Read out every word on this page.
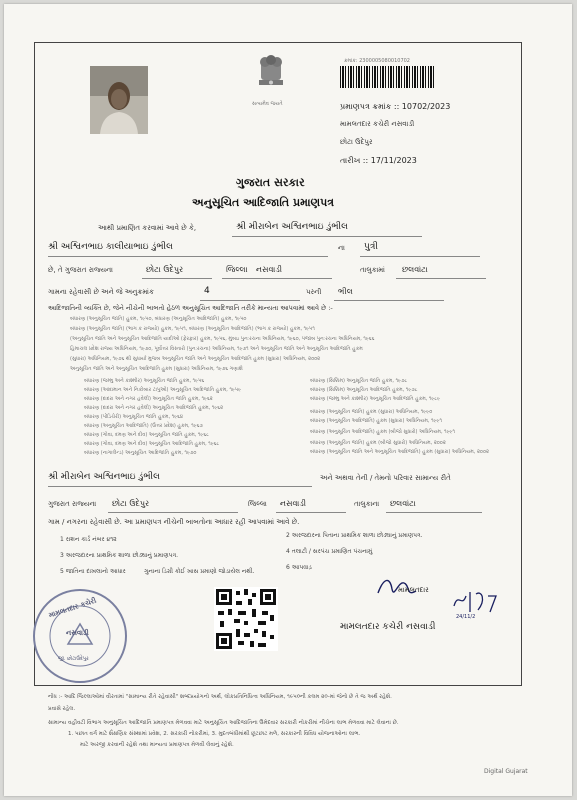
સત્યમેવ જયતે
ક્રમાંક: 2300005080010702
પ્રમાણપત્ર ક્રમાંક :: 10702/2023
મામલતદાર કચેરી નસવાડી
છોટા ઉદેપુર
તારીખ :: 17/11/2023
ગુજરાત સરકાર
અનુસૂચિત આદિજાતિ પ્રમાણપત્ર
આથી પ્રમાણિત કરવામાં આવે છે કે,	શ્રી મીરાબેન અશ્વિનભાઇ ડુંભીલ
શ્રી અશ્વિનભાઇ કાલીયાભાઇ ડુંભીલ	ના પુત્રી
છે, તે ગુજરાત રાજ્યના	છોટા ઉદેપુર	જિલ્લા નસવાડી	તાલુકામાં છલવાંટા
ગામના રહેવાસી છે અને જે અનુક્રમાંક	4	પરની ભીલ
આદિજાતિની વ્યક્તિ છે, જેને નીચેની બાબતો હેઠળ અનુસૂચિત આદિજાતિ તરીકે માન્યતા આપવામાં આવે છે :-
બંધારણ (અનુસૂચિત જાતિ) હુકમ, ૧૯૫૦, બંધારણ (અનુસૂચિત આદિજાતિ) હુકમ, ૧૯૫૦
બંધારણ (અનુસૂચિત જાતિ) (ભાગ ક રાજ્યો) હુકમ, ૧૯૫૧, બંધારણ (અનુસૂચિત આદિજાતિ) (ભાગ ક રાજ્યો) હુકમ, ૧૯૫૧
(અનુસૂચિત જાતિ અને અનુસૂચિત આદિજાતિ યાદીઓ (ફેરફાર) હુકમ, ૧૯૫૬, મુંબઇ પુનઃરચના અધિનિયમ, ૧૯૬૦, પંજાબ પુનઃરચના અધિનિયમ, ૧૯૬૬
હિમાચલ પ્રદેશ રાજ્ય અધિનિયમ, ૧૯૭૦, પૂર્વોત્તર વિસ્તારો (પુનઃરચના) અધિનિયમ, ૧૯૭૧ અને અનુસૂચિત જાતિ અને અનુસૂચિત આદિજાતિ હુકમ
(સુધારા) અધિનિયમ, ૧૯૭૬ થી સુધાર્યા મુજબ અનુસૂચિત જાતિ અને અનુસૂચિત આદિજાતિ હુકમ (સુધારા) અધિનિયમ, ૨૦૦૨
અનુસૂચિત જાતિ અને અનુસૂચિત આદિજાતિ હુકમ (સુધારા) અધિનિયમ, ૧૯૭૬ ગણાશે
બંધારણ (જમ્મુ અને કાશ્મીર) અનુસૂચિત જાતિ હુકમ, ૧૯૫૬
બંધારણ (આંદામાન અને નિકોબાર ટાપુઓ) અનુસૂચિત આદિજાતિ હુકમ, ૧૯૫૯
બંધારણ (દાદરા અને નગર હવેલી) અનુસૂચિત જાતિ હુકમ, ૧૯૬૨
બંધારણ (દાદરા અને નગર હવેલી) અનુસૂચિત આદિજાતિ હુકમ, ૧૯૬૨
બંધારણ (પોંડિચેરી) અનુસૂચિત જાતિ હુકમ, ૧૯૬૪
બંધારણ (અનુસૂચિત આદિજાતિ) (ઉત્તર પ્રદેશ) હુકમ, ૧૯૬૭
બંધારણ (ગોવા, દમણ અને દીવ) અનુસૂચિત જાતિ હુકમ, ૧૯૬૮
બંધારણ (ગોવા, દમણ અને દીવ) અનુસૂચિત આદિજાતિ હુકમ, ૧૯૬૮
બંધારણ (નાગાલેન્ડ) અનુસૂચિત આદિજાતિ હુકમ, ૧૯૭૦
બંધારણ (સિક્કિમ) અનુસૂચિત જાતિ હુકમ, ૧૯૭૮
બંધારણ (સિક્કિમ) અનુસૂચિત આદિજાતિ હુકમ, ૧૯૭૮
બંધારણ (જમ્મુ અને કાશ્મીર) અનુસૂચિત આદિજાતિ હુકમ, ૧૯૮૯
બંધારણ (અનુસૂચિત જાતિ) હુકમ (સુધારા) અધિનિયમ, ૧૯૯૦
બંધારણ (અનુસૂચિત આદિજાતિ) હુકમ (સુધારા) અધિનિયમ, ૧૯૯૧
બંધારણ (અનુસૂચિત આદિજાતિ) હુકમ (બીજો સુધારો) અધિનિયમ, ૧૯૯૧
બંધારણ (અનુસૂચિત જાતિ) હુકમ (બીજો સુધારો) અધિનિયમ, ૨૦૦૨
બંધારણ (અનુસૂચિત જાતિ અને અનુસૂચિત આદિજાતિ) હુકમ (સુધારા) અધિનિયમ, ૨૦૦૨
શ્રી મીરાબેન અશ્વિનભાઇ ડુંભીલ	અને અથવા તેની / તેમનો પરિવાર સામાન્ય રીતે
ગુજરાત રાજ્યના છોટા ઉદેપુર	જિલ્લા નસવાડી	તાલુકાના છલવાંટા
ગામ / નગરના રહેવાસી છે. આ પ્રમાણપત્ર નીચેની બાબતોના આધાર રહી આપવામાં આવે છે.
1 રાશન કાર્ડ નંબર ૪૧૨
3 અરજદારના પ્રાથમિક શાળા છોડ્યાનું પ્રમાણપત્ર.
5 જાતિના દાખલાનો આધાર	ગુનાના ડિગ્રી કોઈ ખાસ પ્રમાણો જોડાયેલ નથી.
2 અરજદારના પિતાના પ્રાથમિક શાળા છોડ્યાનું પ્રમાણપત્ર.
4 તલાટી / સરપંચ પ્રમાણિત પંચનામું
6 આપવાડ઼
મામલતદાર કચેરી
નસવાડી
જી. છોટાઉદેપુર
મામલતદાર
24/11/2
મામલતદાર કચેરી નસવાડી
નોંધ :- આદિ જિલ્લાઓમાં વીરતામાં "સામાન્ય રીતે રહેવાસી" શબ્દપ્રયોગનો અર્થ, લોકપ્રતિનિધિત્વ અધિનિયમ, ૧૯૫૦ની કલમ ૨૦-માં જેનો છે તે જ અર્થ રહેશે.
પ્રવાસે રહેલ.
સામાન્ય વહીવટી વિભાગ અનુસૂચિત આદિજાતિ પ્રમાણપત્ર મેળવવા માટે અનુસૂચિત આદિજાતિના ઉમેદવાર સરકારી નોકરીમાં નીચેના લાભ મેળવવા માટે લેવાના છે.
1. પછાત વર્ગ માટે શૈક્ષણિક સંસ્થામાં પ્રવેશ, 2. સરકારી નોકરીમાં, 3. મુદતબંધીમાંથી છૂટછાટ મળે, સરકારની વિવિધ યોજનાઓના લાભ.
માટે અરજી કરવાની રહેશે તથા માન્યતા પ્રમાણપત્ર મેળવી લેવાનું રહેશે.
Digital Gujarat
